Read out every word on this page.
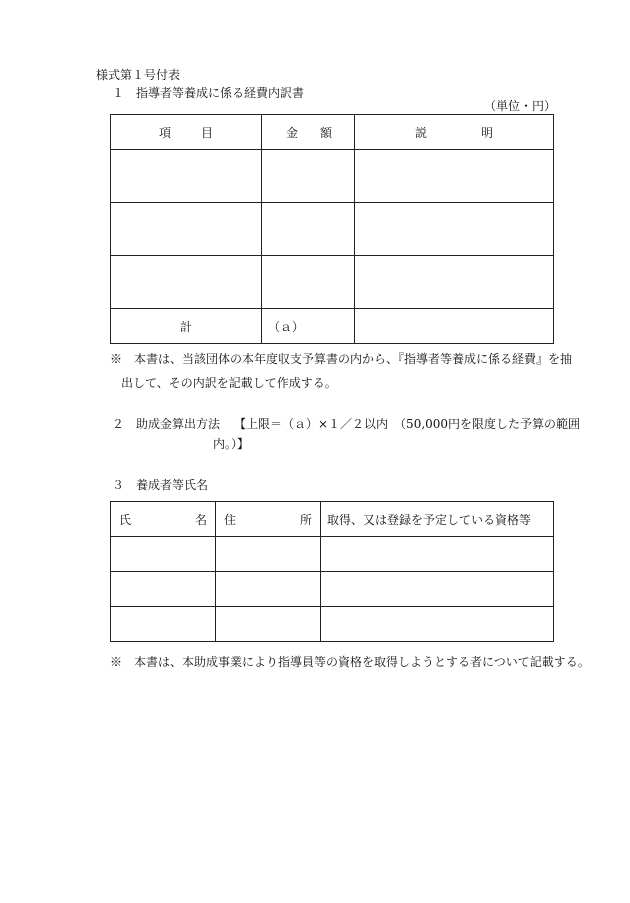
様式第１号付表
１　指導者等養成に係る経費内訳書
（単位・円）
項 目	金 額	説 明

計	（ａ）	
※　本書は、当該団体の本年度収支予算書の内から、『指導者等養成に係る経費』を抽
出して、その内訳を記載して作成する。
２　助成金算出方法 【上限＝（ａ）×１／２以内　（50,000円を限度した予算の範囲
内。）】
３　養成者等氏名
氏 名	住 所	取得、又は登録を予定している資格等

※　本書は、本助成事業により指導員等の資格を取得しようとする者について記載する。
